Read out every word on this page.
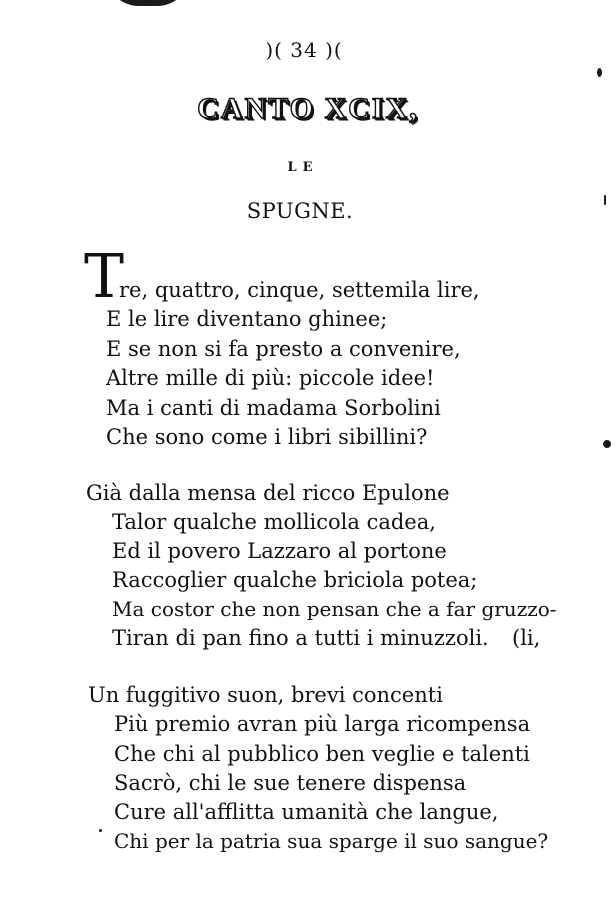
)( 34 )(
CANTO XCIX,
LE
SPUGNE.
T
re, quattro, cinque, settemila lire,
E le lire diventano ghinee;
E se non si fa presto a convenire,
Altre mille di più: piccole idee!
Ma i canti di madama Sorbolini
Che sono come i libri sibillini?
Già dalla mensa del ricco Epulone
Talor qualche mollicola cadea,
Ed il povero Lazzaro al portone
Raccoglier qualche briciola potea;
Ma costor che non pensan che a far gruzzo-
Tiran di pan fino a tutti i minuzzoli. (li,
Un fuggitivo suon, brevi concenti
Più premio avran più larga ricompensa
Che chi al pubblico ben veglie e talenti
Sacrò, chi le sue tenere dispensa
Cure all'afflitta umanità che langue,
Chi per la patria sua sparge il suo sangue?
